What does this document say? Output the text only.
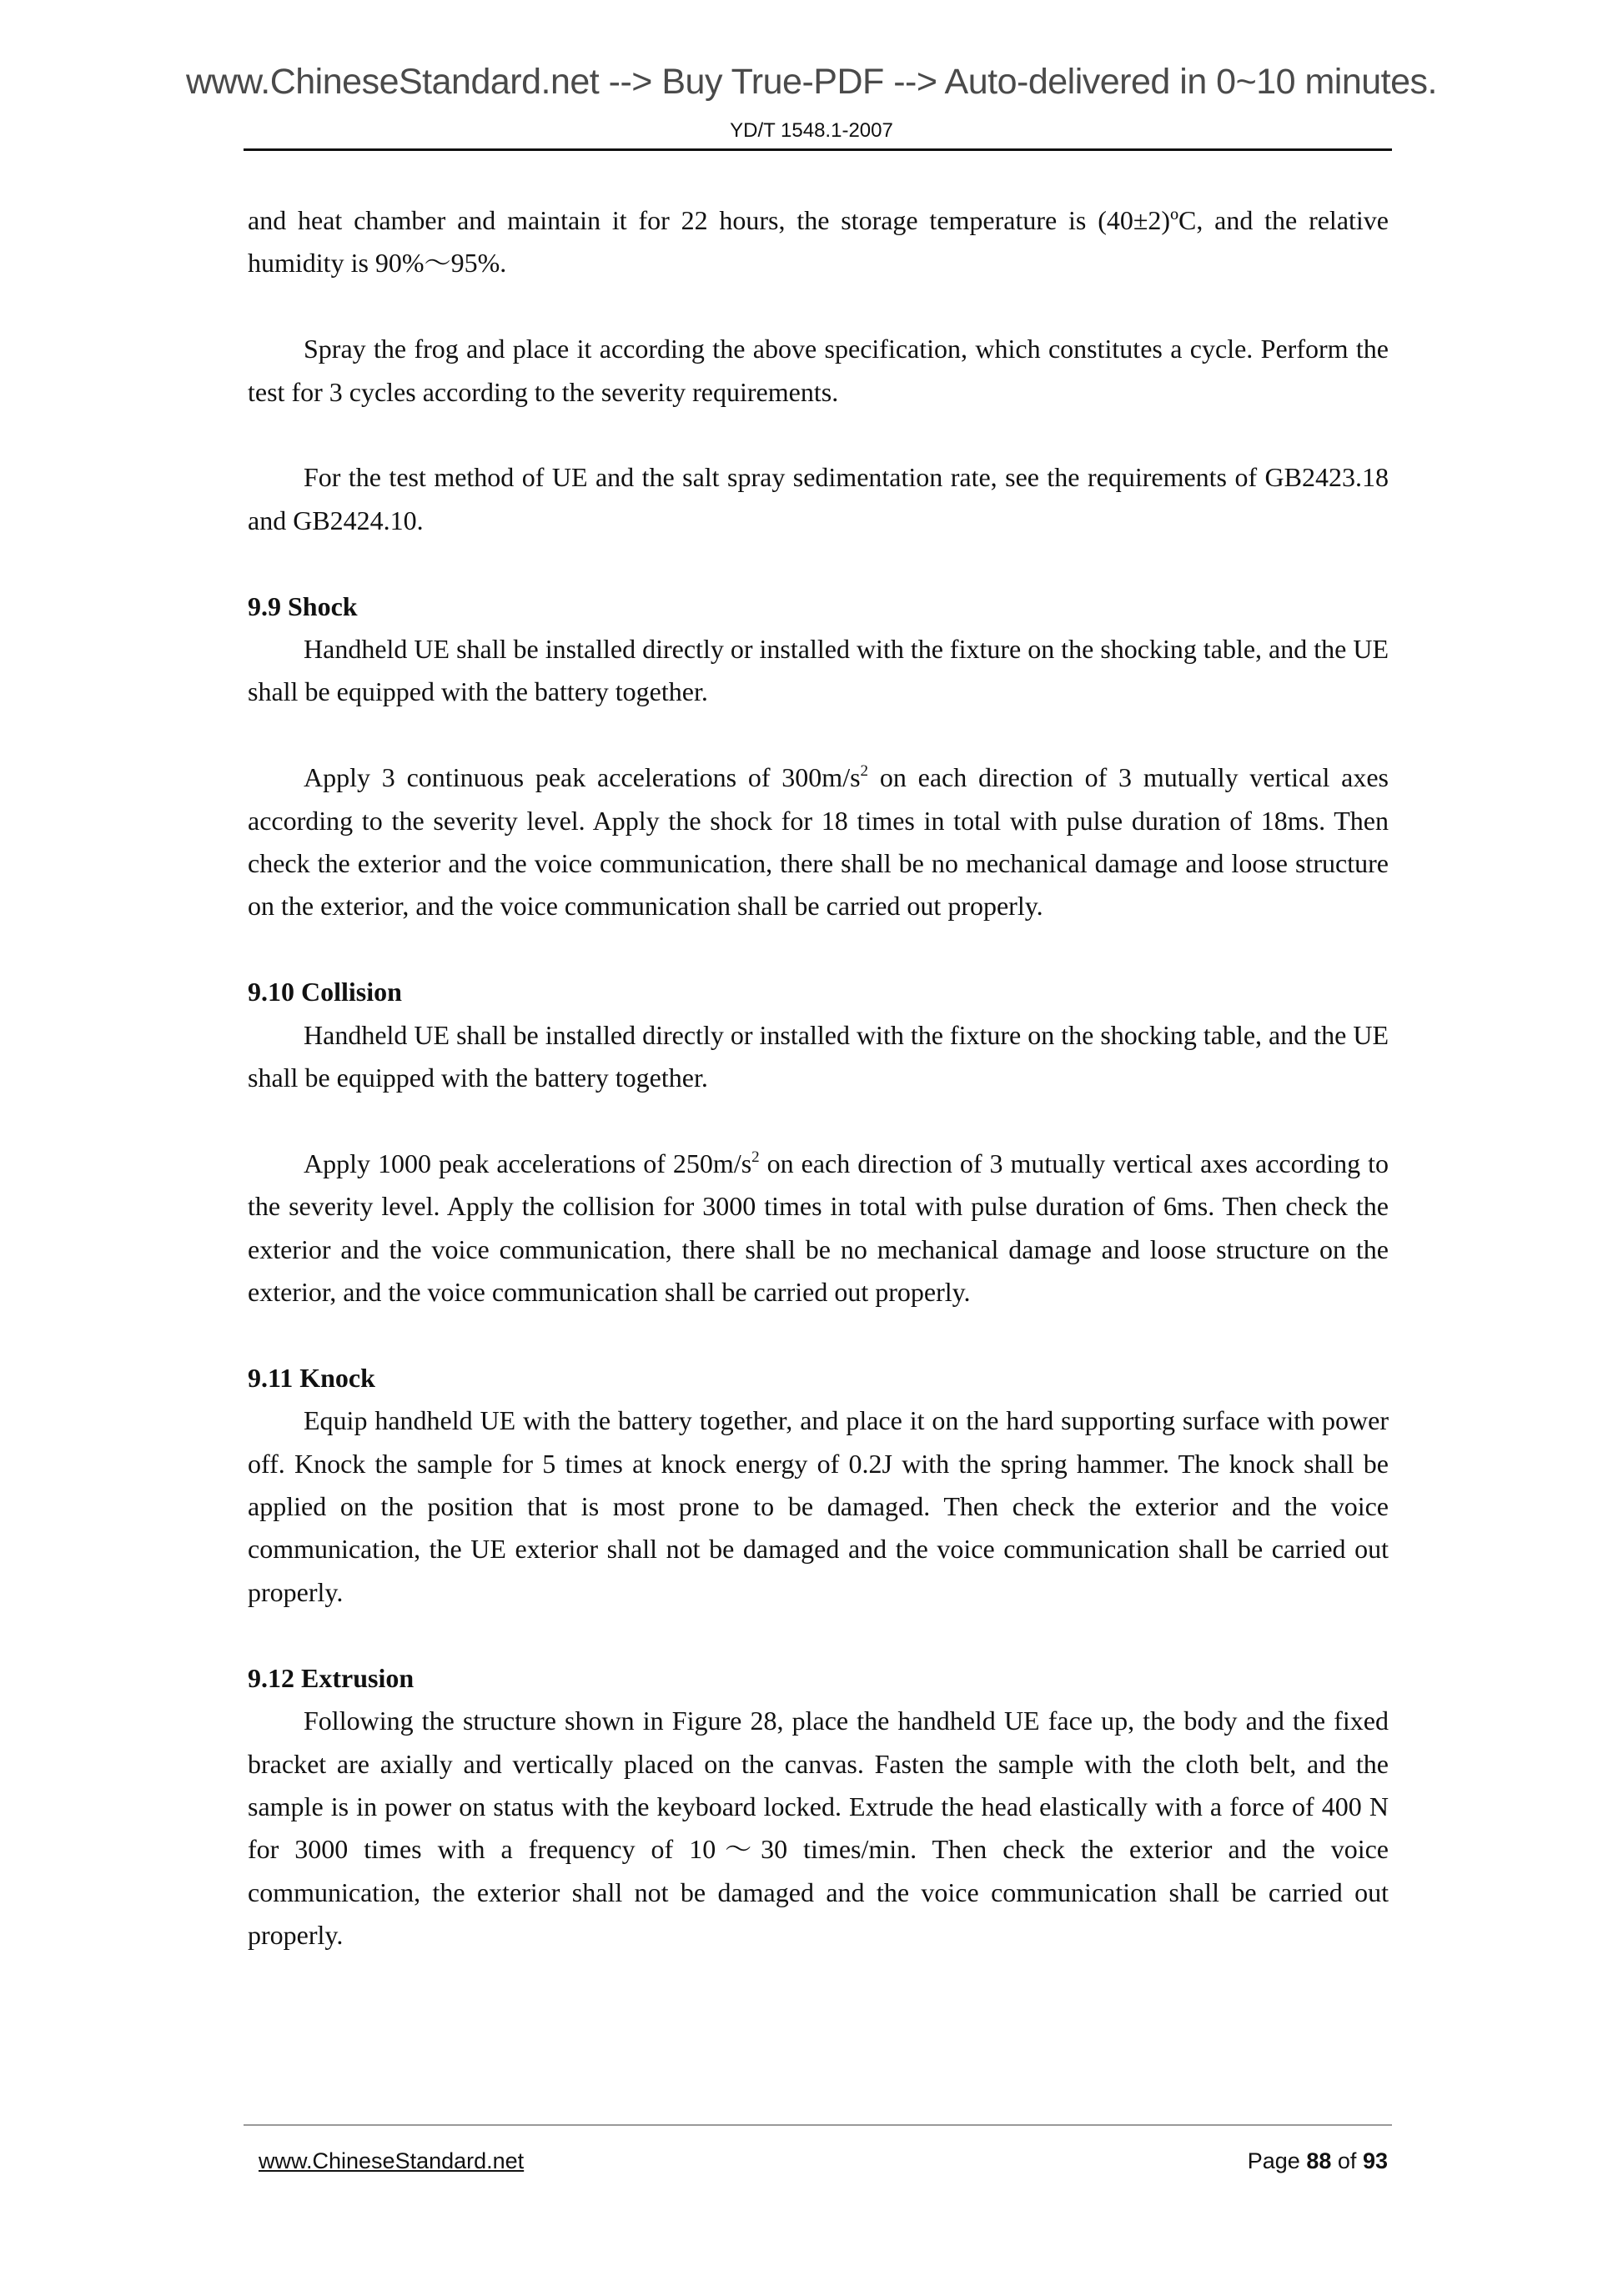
www.ChineseStandard.net --> Buy True-PDF --> Auto-delivered in 0~10 minutes.
YD/T 1548.1-2007

and heat chamber and maintain it for 22 hours, the storage temperature is (40±2)ºC, and the relative humidity is 90%～95%.

Spray the frog and place it according the above specification, which constitutes a cycle. Perform the test for 3 cycles according to the severity requirements.

For the test method of UE and the salt spray sedimentation rate, see the requirements of GB2423.18 and GB2424.10.

9.9 Shock

Handheld UE shall be installed directly or installed with the fixture on the shocking table, and the UE shall be equipped with the battery together.

Apply 3 continuous peak accelerations of $300m/s^2$ on each direction of 3 mutually vertical axes according to the severity level. Apply the shock for 18 times in total with pulse duration of 18ms. Then check the exterior and the voice communication, there shall be no mechanical damage and loose structure on the exterior, and the voice communication shall be carried out properly.

9.10 Collision

Handheld UE shall be installed directly or installed with the fixture on the shocking table, and the UE shall be equipped with the battery together.

Apply 1000 peak accelerations of $250m/s^2$ on each direction of 3 mutually vertical axes according to the severity level. Apply the collision for 3000 times in total with pulse duration of 6ms. Then check the exterior and the voice communication, there shall be no mechanical damage and loose structure on the exterior, and the voice communication shall be carried out properly.

9.11 Knock

Equip handheld UE with the battery together, and place it on the hard supporting surface with power off. Knock the sample for 5 times at knock energy of 0.2J with the spring hammer. The knock shall be applied on the position that is most prone to be damaged. Then check the exterior and the voice communication, the UE exterior shall not be damaged and the voice communication shall be carried out properly.

9.12 Extrusion

Following the structure shown in Figure 28, place the handheld UE face up, the body and the fixed bracket are axially and vertically placed on the canvas. Fasten the sample with the cloth belt, and the sample is in power on status with the keyboard locked. Extrude the head elastically with a force of 400 N for 3000 times with a frequency of 10～30 times/min. Then check the exterior and the voice communication, the exterior shall not be damaged and the voice communication shall be carried out properly.

www.ChineseStandard.net	Page 88 of 93
